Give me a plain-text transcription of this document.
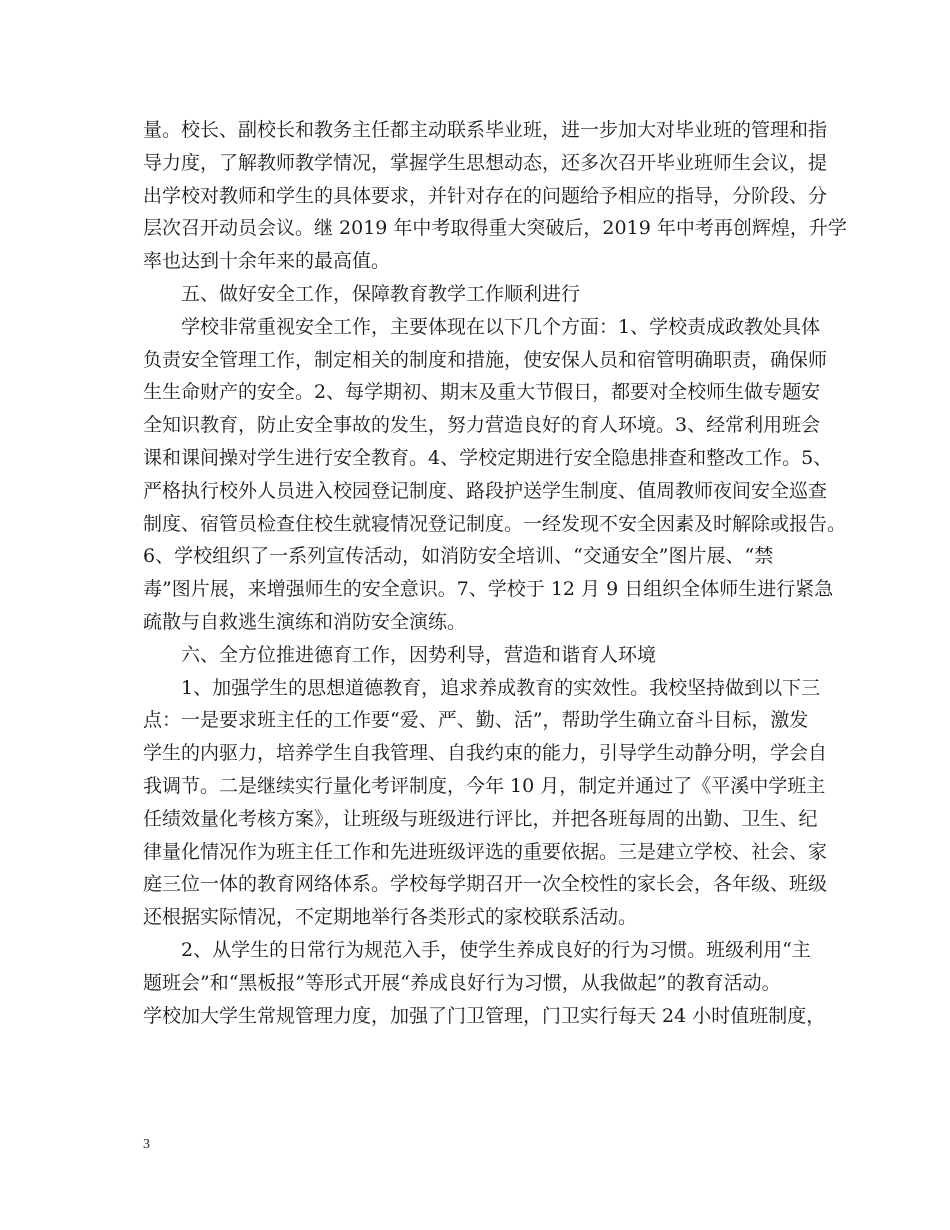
量。校长、副校长和教务主任都主动联系毕业班，进一步加大对毕业班的管理和指
导力度，了解教师教学情况，掌握学生思想动态，还多次召开毕业班师生会议，提
出学校对教师和学生的具体要求，并针对存在的问题给予相应的指导，分阶段、分
层次召开动员会议。继 2019 年中考取得重大突破后，2019 年中考再创辉煌，升学
率也达到十余年来的最高值。
五、做好安全工作，保障教育教学工作顺利进行
学校非常重视安全工作，主要体现在以下几个方面：1、学校责成政教处具体
负责安全管理工作，制定相关的制度和措施，使安保人员和宿管明确职责，确保师
生生命财产的安全。2、每学期初、期末及重大节假日，都要对全校师生做专题安
全知识教育，防止安全事故的发生，努力营造良好的育人环境。3、经常利用班会
课和课间操对学生进行安全教育。4、学校定期进行安全隐患排查和整改工作。5、
严格执行校外人员进入校园登记制度、路段护送学生制度、值周教师夜间安全巡查
制度、宿管员检查住校生就寝情况登记制度。一经发现不安全因素及时解除或报告。
6、学校组织了一系列宣传活动，如消防安全培训、“交通安全”图片展、“禁
毒”图片展，来增强师生的安全意识。7、学校于 12 月 9 日组织全体师生进行紧急
疏散与自救逃生演练和消防安全演练。
六、全方位推进德育工作，因势利导，营造和谐育人环境
1、加强学生的思想道德教育，追求养成教育的实效性。我校坚持做到以下三
点：一是要求班主任的工作要“爱、严、勤、活”，帮助学生确立奋斗目标，激发
学生的内驱力，培养学生自我管理、自我约束的能力，引导学生动静分明，学会自
我调节。二是继续实行量化考评制度，今年 10 月，制定并通过了《平溪中学班主
任绩效量化考核方案》，让班级与班级进行评比，并把各班每周的出勤、卫生、纪
律量化情况作为班主任工作和先进班级评选的重要依据。三是建立学校、社会、家
庭三位一体的教育网络体系。学校每学期召开一次全校性的家长会，各年级、班级
还根据实际情况，不定期地举行各类形式的家校联系活动。
2、从学生的日常行为规范入手，使学生养成良好的行为习惯。班级利用“主
题班会”和“黑板报”等形式开展“养成良好行为习惯，从我做起”的教育活动。
学校加大学生常规管理力度，加强了门卫管理，门卫实行每天 24 小时值班制度，
3
